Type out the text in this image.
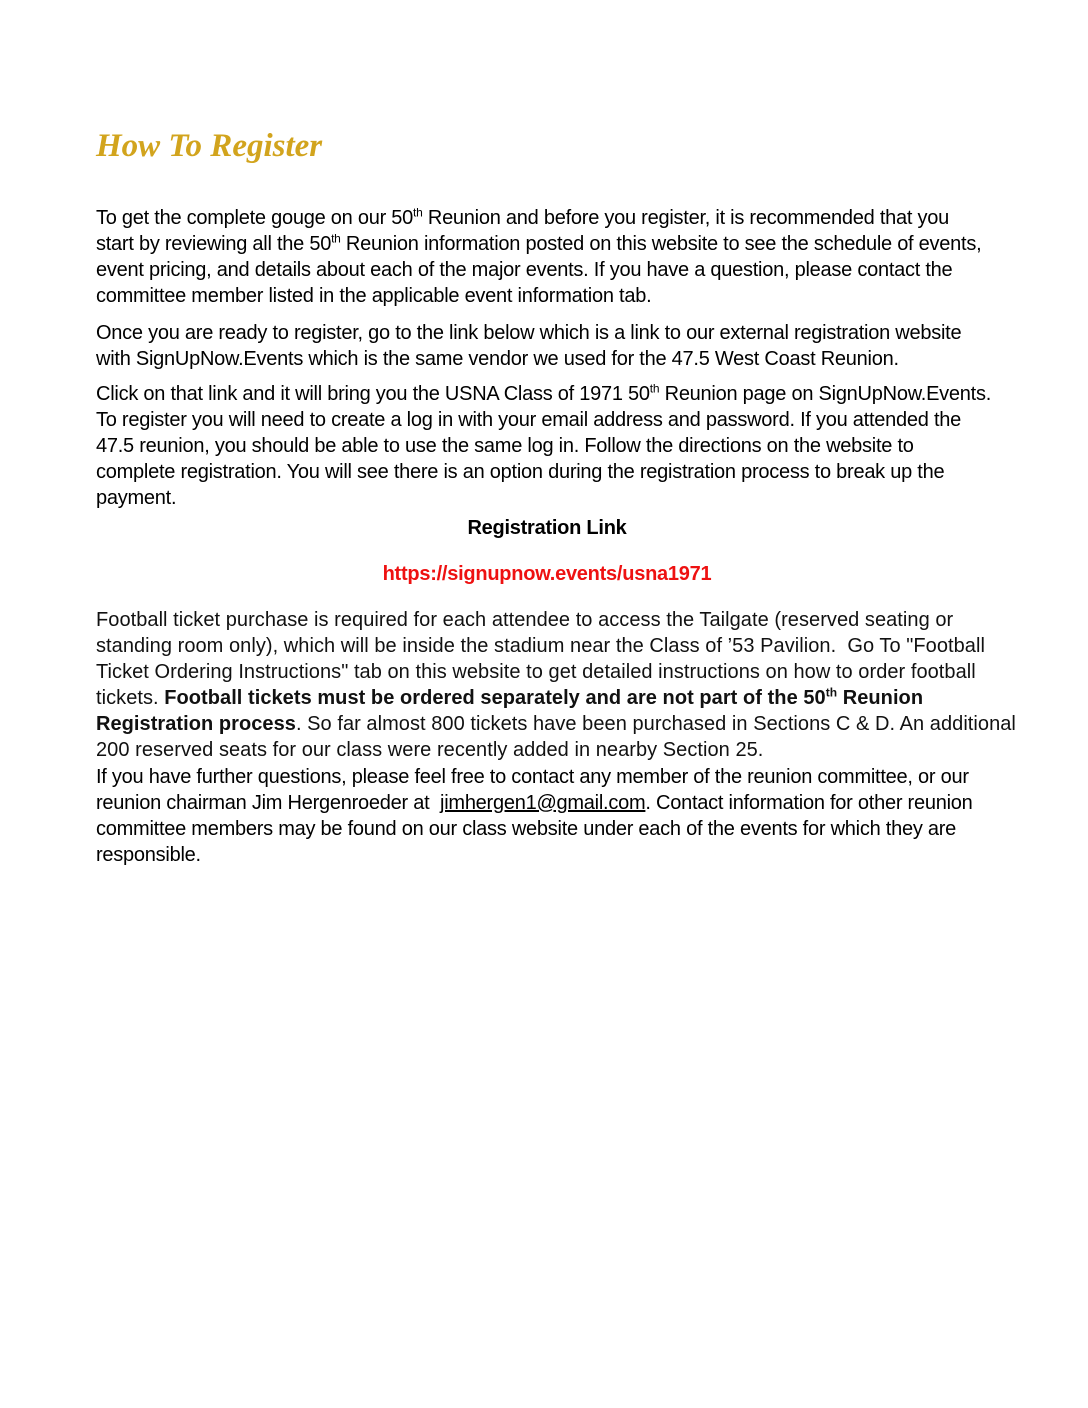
How To Register
To get the complete gouge on our 50th Reunion and before you register, it is recommended that you
start by reviewing all the 50th Reunion information posted on this website to see the schedule of events,
event pricing, and details about each of the major events. If you have a question, please contact the
committee member listed in the applicable event information tab.
Once you are ready to register, go to the link below which is a link to our external registration website
with SignUpNow.Events which is the same vendor we used for the 47.5 West Coast Reunion.
Click on that link and it will bring you the USNA Class of 1971 50th Reunion page on SignUpNow.Events.
To register you will need to create a log in with your email address and password. If you attended the
47.5 reunion, you should be able to use the same log in. Follow the directions on the website to
complete registration. You will see there is an option during the registration process to break up the
payment.
Registration Link
https://signupnow.events/usna1971
Football ticket purchase is required for each attendee to access the Tailgate (reserved seating or
standing room only), which will be inside the stadium near the Class of ’53 Pavilion.  Go To "Football
Ticket Ordering Instructions" tab on this website to get detailed instructions on how to order football
tickets. Football tickets must be ordered separately and are not part of the 50th Reunion
Registration process. So far almost 800 tickets have been purchased in Sections C & D. An additional
200 reserved seats for our class were recently added in nearby Section 25.
If you have further questions, please feel free to contact any member of the reunion committee, or our
reunion chairman Jim Hergenroeder at  jimhergen1@gmail.com. Contact information for other reunion
committee members may be found on our class website under each of the events for which they are
responsible.
